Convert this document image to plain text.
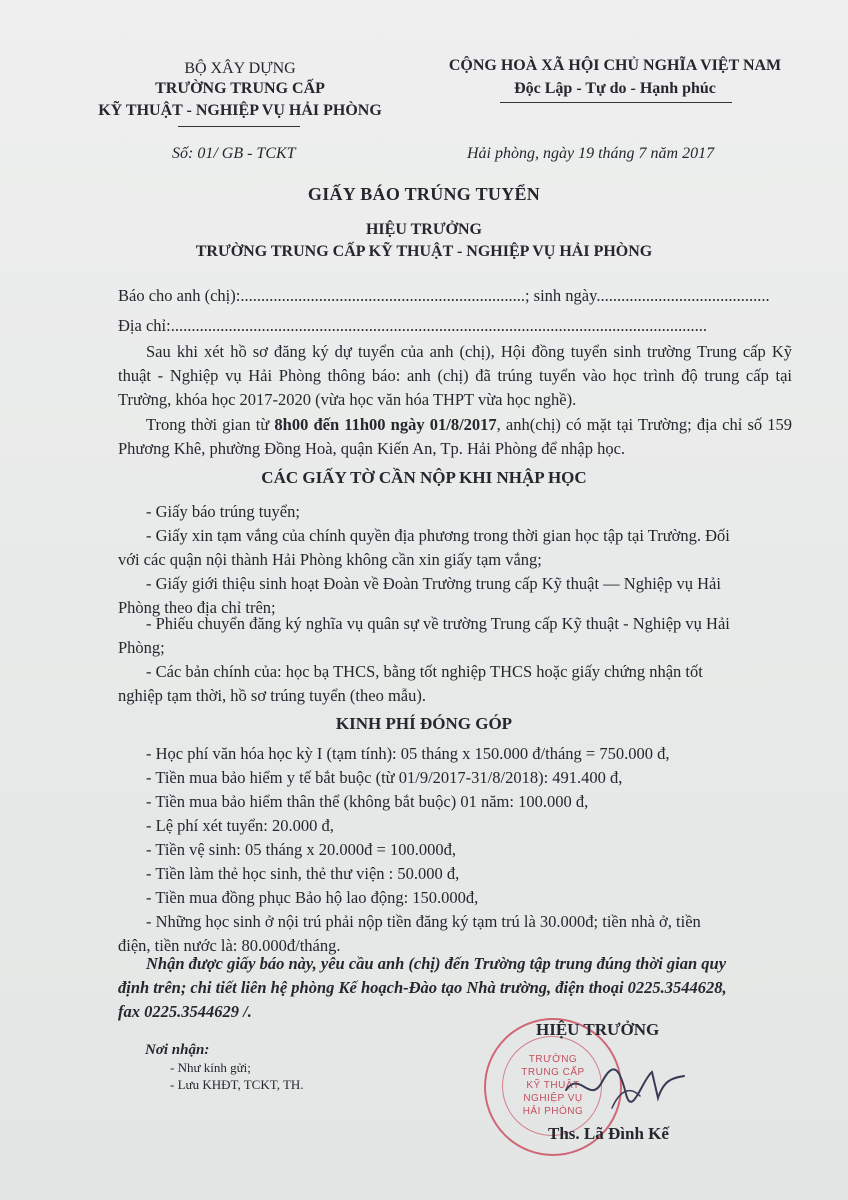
BỘ XÂY DỰNG
TRƯỜNG TRUNG CẤP
KỸ THUẬT - NGHIỆP VỤ HẢI PHÒNG
Số: 01/ GB - TCKT
CỘNG HOÀ XÃ HỘI CHỦ NGHĨA VIỆT NAM
Độc Lập - Tự do - Hạnh phúc
Hải phòng, ngày 19 tháng 7 năm 2017
GIẤY BÁO TRÚNG TUYỂN
HIỆU TRƯỞNG
TRƯỜNG TRUNG CẤP KỸ THUẬT - NGHIỆP VỤ HẢI PHÒNG
Báo cho anh (chị):.....................................................................; sinh ngày..........................................
Địa chỉ:..................................................................................................................................
Sau khi xét hồ sơ đăng ký dự tuyển của anh (chị), Hội đồng tuyển sinh trường Trung cấp Kỹ thuật - Nghiệp vụ Hải Phòng thông báo: anh (chị) đã trúng tuyển vào học trình độ trung cấp tại Trường, khóa học 2017-2020 (vừa học văn hóa THPT vừa học nghề).
Trong thời gian từ 8h00 đến 11h00 ngày 01/8/2017, anh(chị) có mặt tại Trường; địa chỉ số 159 Phương Khê, phường Đồng Hoà, quận Kiến An, Tp. Hải Phòng để nhập học.
CÁC GIẤY TỜ CẦN NỘP KHI NHẬP HỌC
- Giấy báo trúng tuyển;
- Giấy xin tạm vắng của chính quyền địa phương trong thời gian học tập tại Trường. Đối
với các quận nội thành Hải Phòng không cần xin giấy tạm vắng;
- Giấy giới thiệu sinh hoạt Đoàn về Đoàn Trường trung cấp Kỹ thuật — Nghiệp vụ Hải
Phòng theo địa chỉ trên;
- Phiếu chuyển đăng ký nghĩa vụ quân sự về trường Trung cấp Kỹ thuật - Nghiệp vụ Hải
Phòng;
- Các bản chính của: học bạ THCS, bằng tốt nghiệp THCS hoặc giấy chứng nhận tốt
nghiệp tạm thời, hồ sơ trúng tuyển (theo mẫu).
KINH PHÍ ĐÓNG GÓP
- Học phí văn hóa học kỳ I (tạm tính): 05 tháng x 150.000 đ/tháng = 750.000 đ,
- Tiền mua bảo hiểm y tế bắt buộc (từ 01/9/2017-31/8/2018): 491.400 đ,
- Tiền mua bảo hiểm thân thể (không bắt buộc) 01 năm: 100.000 đ,
- Lệ phí xét tuyển: 20.000 đ,
- Tiền vệ sinh: 05 tháng x 20.000đ = 100.000đ,
- Tiền làm thẻ học sinh, thẻ thư viện : 50.000 đ,
- Tiền mua đồng phục Bảo hộ lao động: 150.000đ,
- Những học sinh ở nội trú phải nộp tiền đăng ký tạm trú là 30.000đ; tiền nhà ở, tiền
điện, tiền nước là: 80.000đ/tháng.
Nhận được giấy báo này, yêu cầu anh (chị) đến Trường tập trung đúng thời gian quy
định trên; chi tiết liên hệ phòng Kế hoạch-Đào tạo Nhà trường, điện thoại 0225.3544628,
fax 0225.3544629 /.
Nơi nhận:
- Như kính gửi;
- Lưu KHĐT, TCKT, TH.
TRƯỜNG
TRUNG CẤP
KỸ THUẬT
NGHIỆP VỤ
HẢI PHÒNG
HIỆU TRƯỞNG
Ths. Lã Đình Kế
